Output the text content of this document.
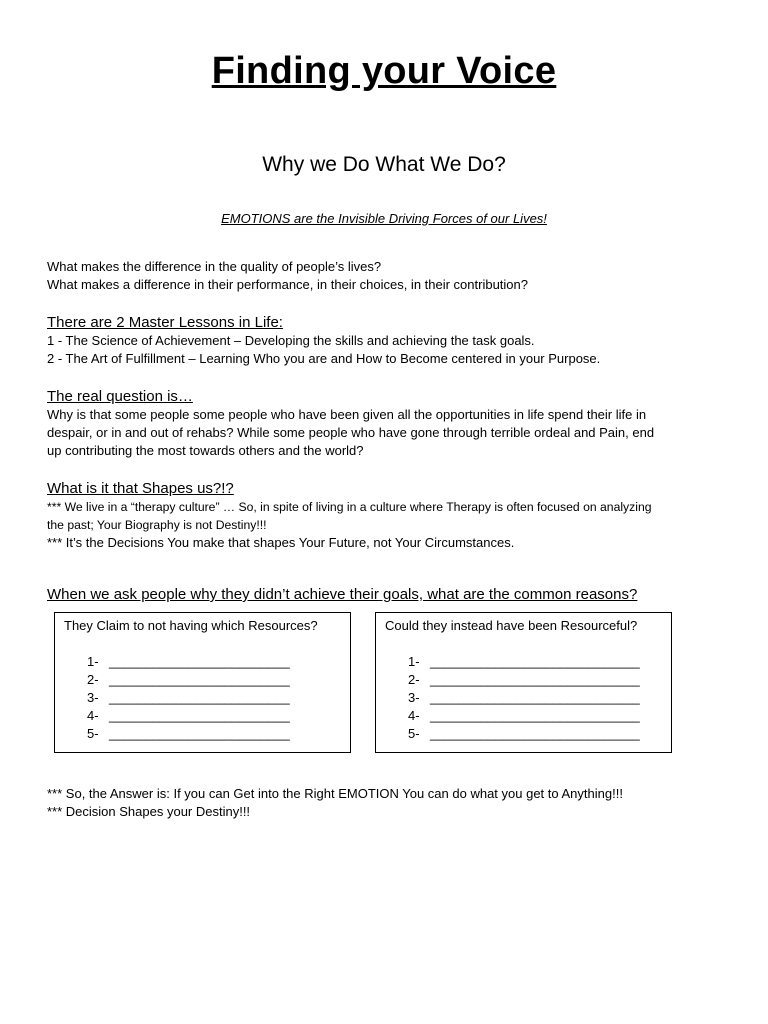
Finding your Voice
Why we Do What We Do?
EMOTIONS are the Invisible Driving Forces of our Lives!

What makes the difference in the quality of people’s lives?

What makes a difference in their performance, in their choices, in their contribution?

There are 2 Master Lessons in Life:

1 - The Science of Achievement – Developing the skills and achieving the task goals.

2 - The Art of Fulfillment – Learning Who you are and How to Become centered in your Purpose.

The real question is…

Why is that some people some people who have been given all the opportunities in life spend their life in

despair, or in and out of rehabs? While some people who have gone through terrible ordeal and Pain, end

up contributing the most towards others and the world?

What is it that Shapes us?!?

*** We live in a “therapy culture” … So, in spite of living in a culture where Therapy is often focused on analyzing

the past; Your Biography is not Destiny!!!

*** It’s the Decisions You make that shapes Your Future, not Your Circumstances.

When we ask people why they didn’t achieve their goals, what are the common reasons?
They Claim to not having which Resources?
1- _________________________
2- _________________________
3- _________________________
4- _________________________
5- _________________________
Could they instead have been Resourceful?
1- _____________________________
2- _____________________________
3- _____________________________
4- _____________________________
5- _____________________________

*** So, the Answer is: If you can Get into the Right EMOTION You can do what you get to Anything!!!

*** Decision Shapes your Destiny!!!
